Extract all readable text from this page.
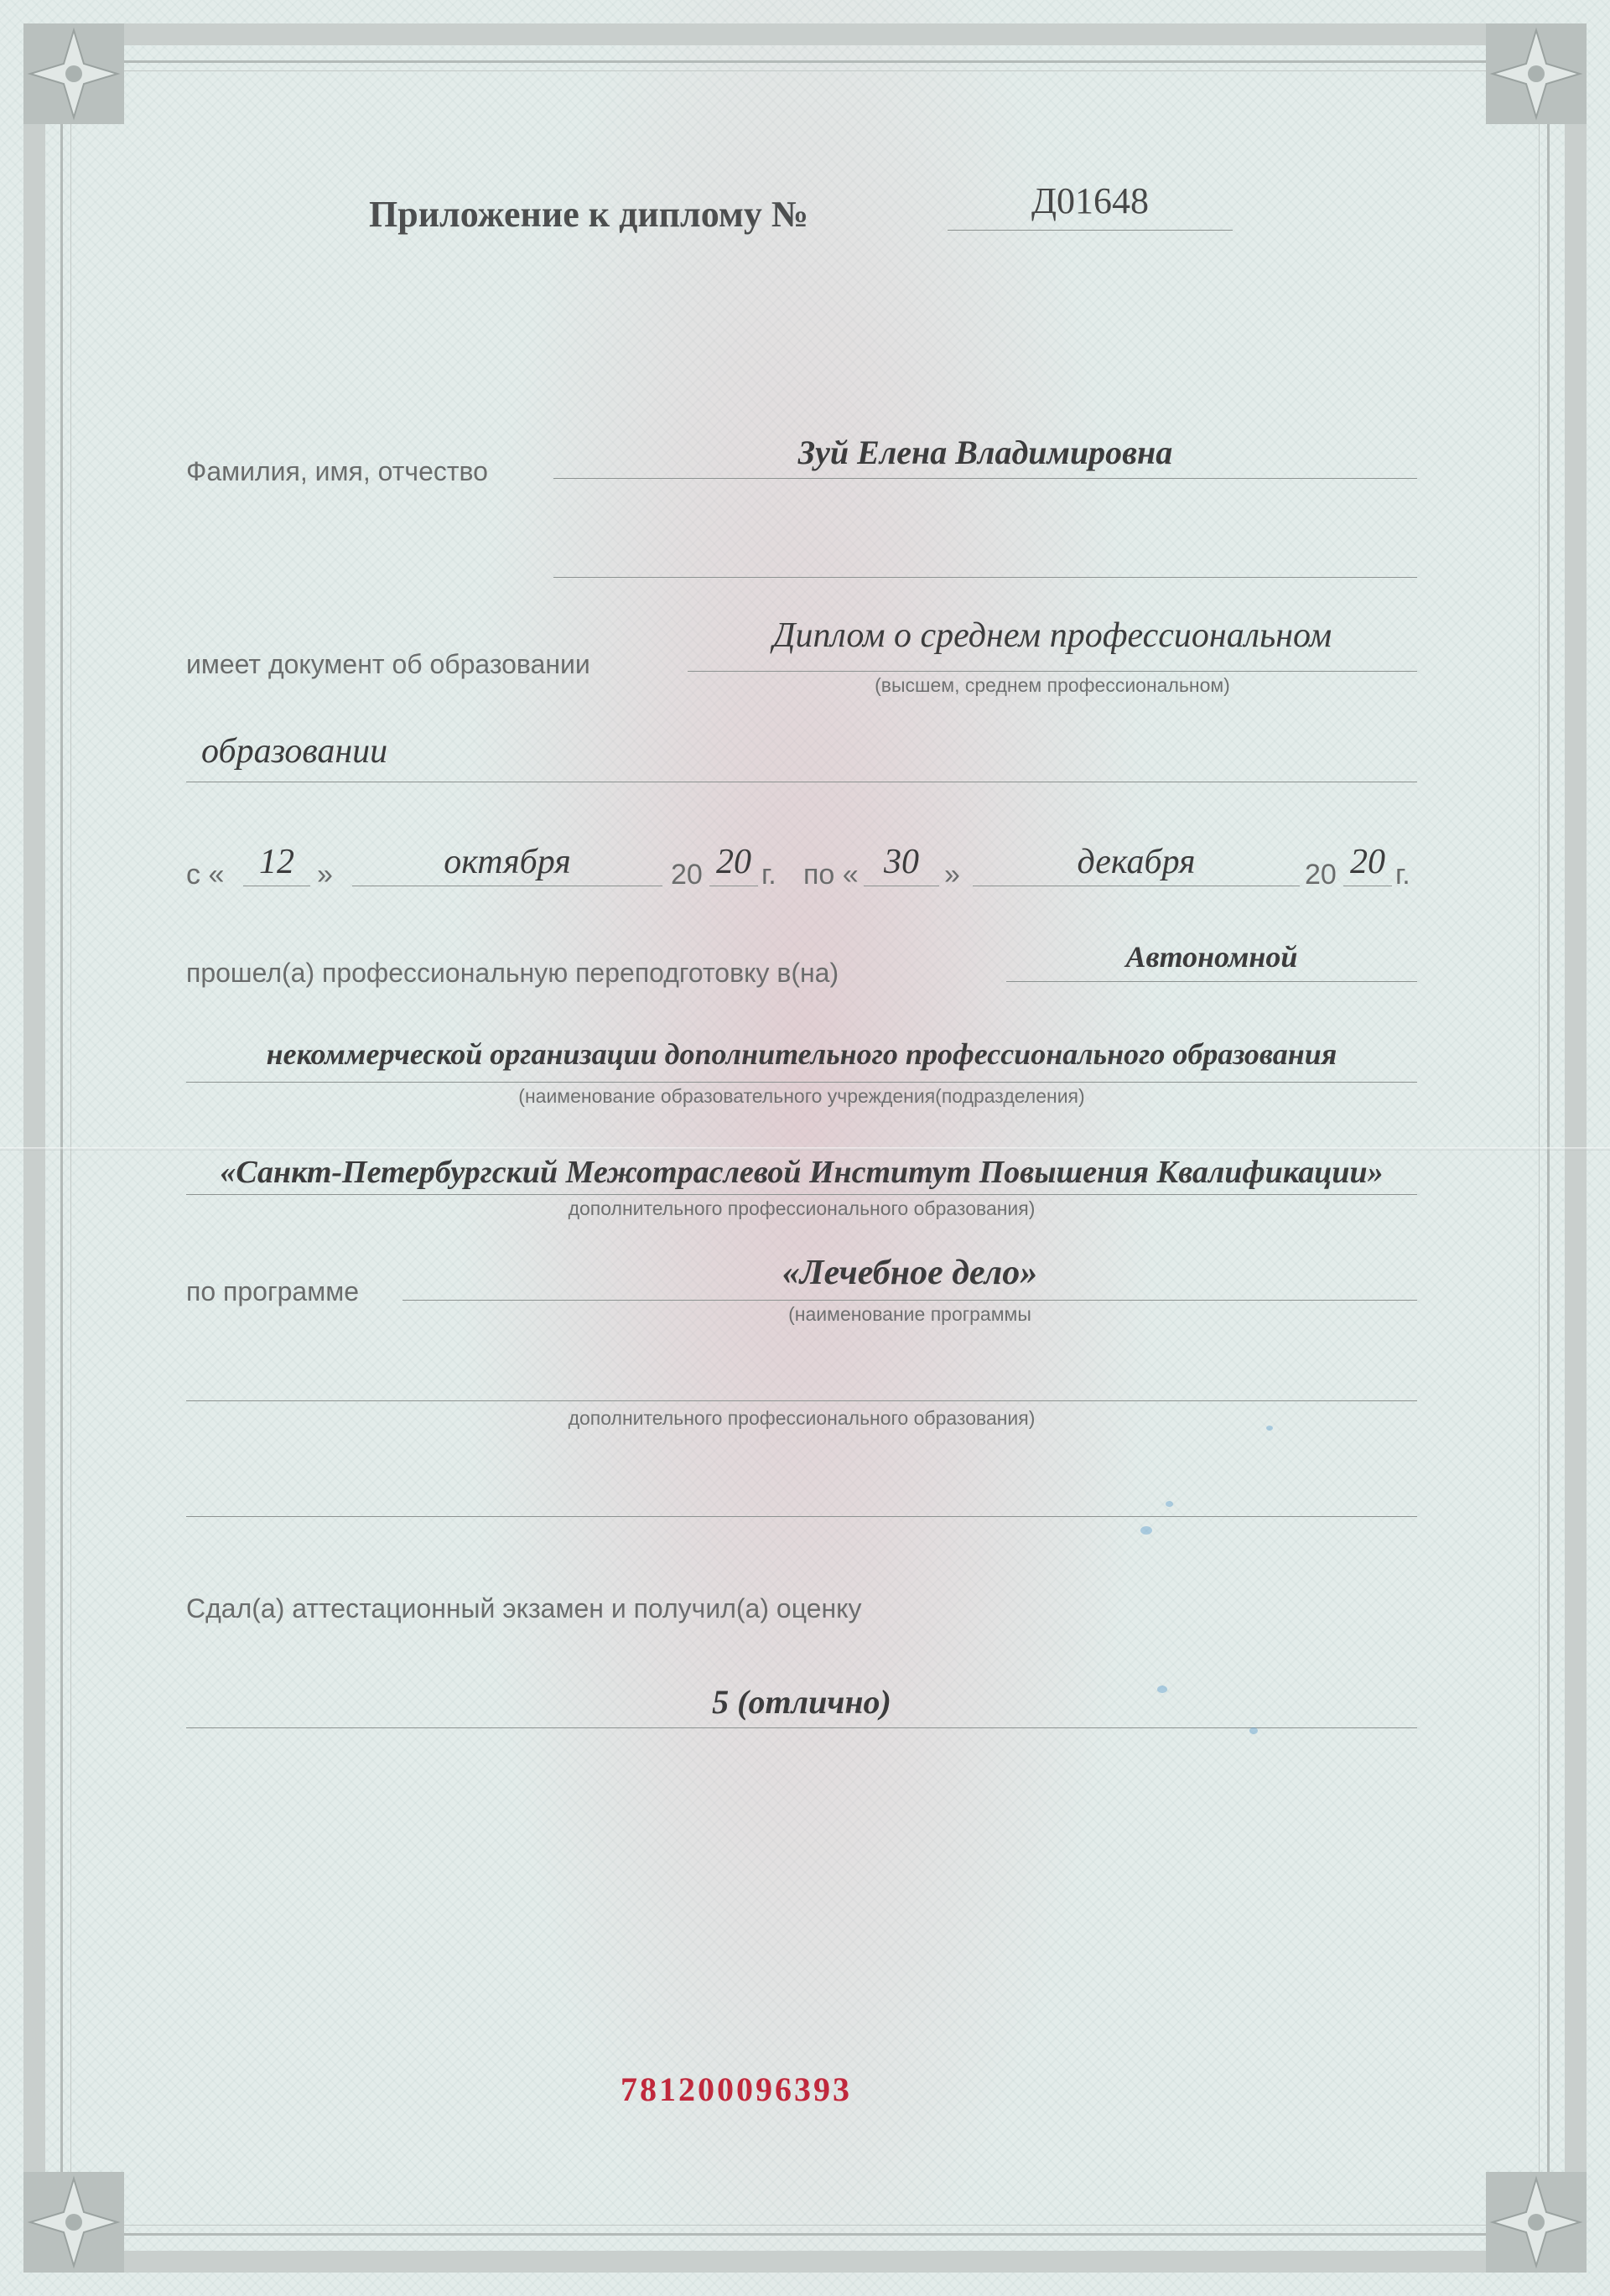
Приложение к диплому №	Д01648
Фамилия, имя, отчество	Зуй Елена Владимировна
имеет документ об образовании
Диплом о среднем профессиональном
(высшем, среднем профессиональном)
образовании
с « 12 »	октября	20 20 г. по « 30 »	декабря	20 20 г.
прошел(а) профессиональную переподготовку в(на)	Автономной
некоммерческой организации дополнительного профессионального образования
(наименование образовательного учреждения(подразделения)
«Санкт-Петербургский Межотраслевой Институт Повышения Квалификации»
дополнительного профессионального образования)
по программе	«Лечебное дело»
(наименование программы
дополнительного профессионального образования)
Сдал(а) аттестационный экзамен и получил(а) оценку
5 (отлично)
781200096393
